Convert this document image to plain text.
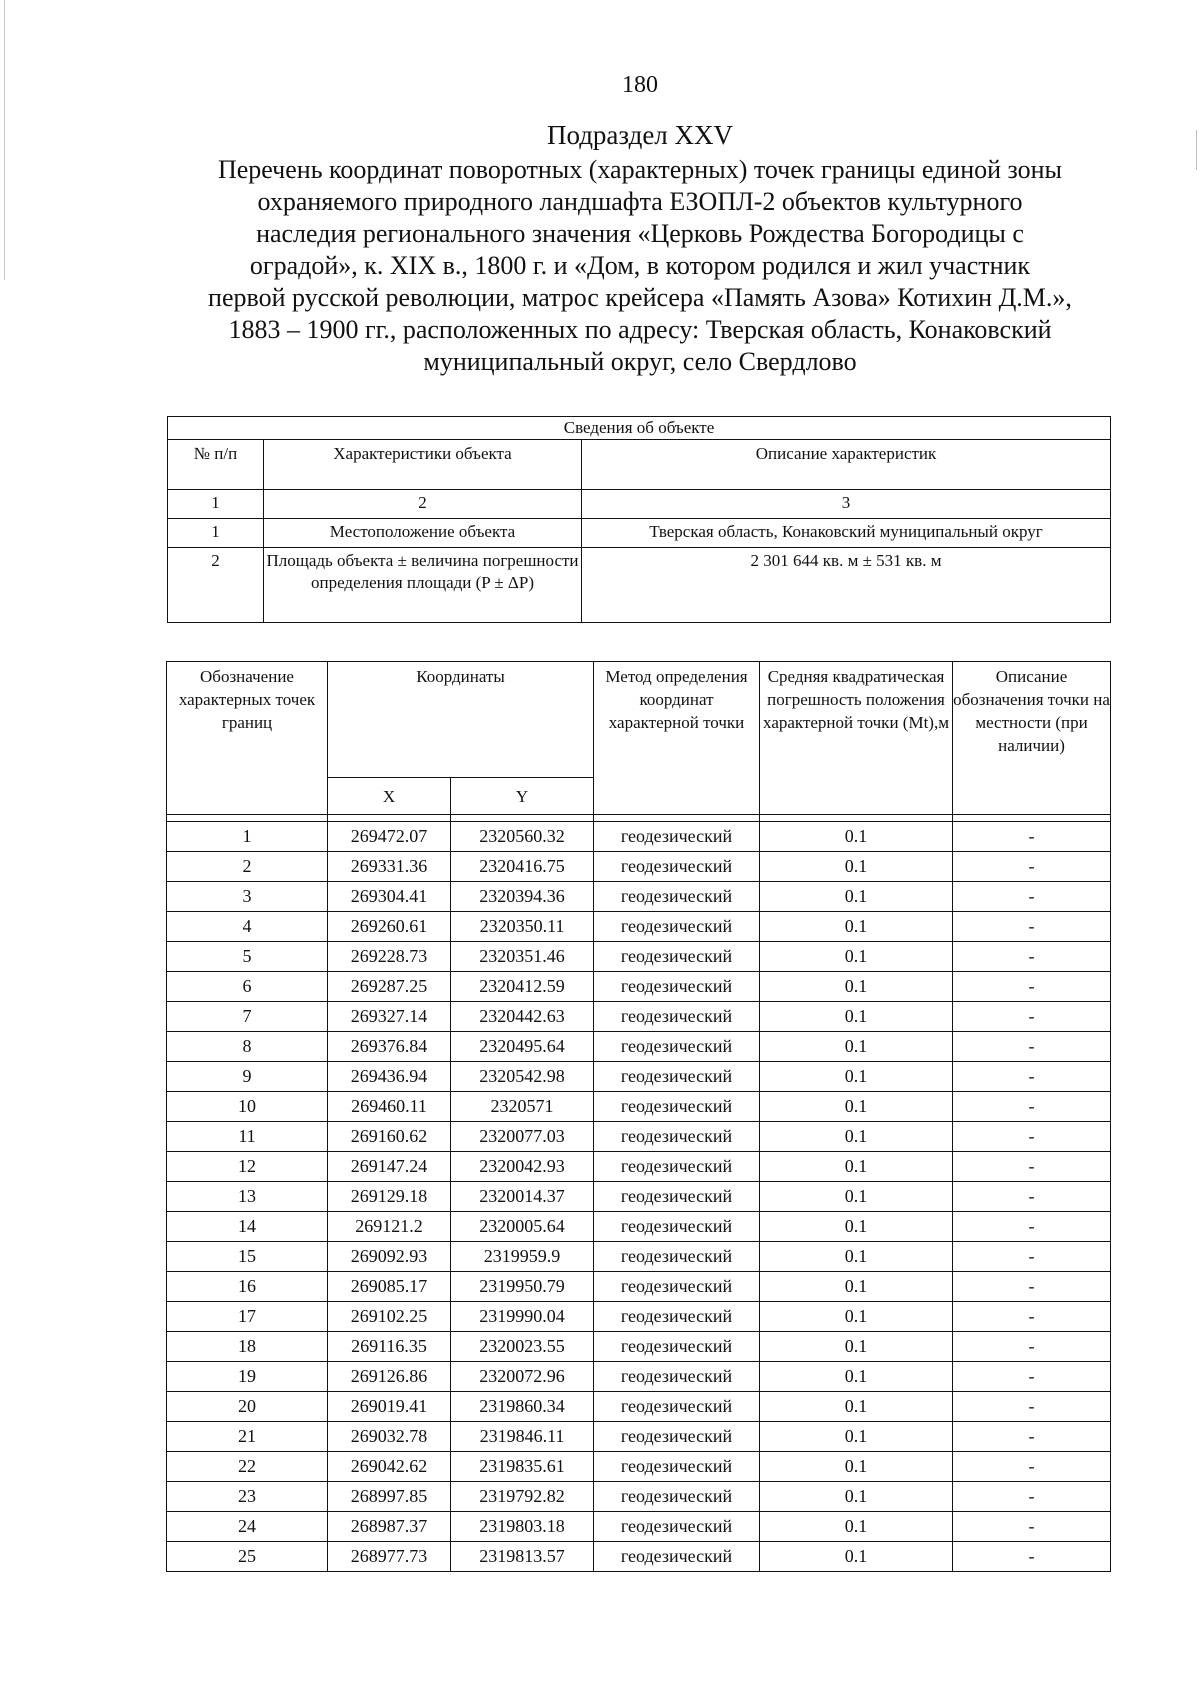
180
Подраздел XXV
Перечень координат поворотных (характерных) точек границы единой зоны
охраняемого природного ландшафта ЕЗОПЛ-2 объектов культурного
наследия регионального значения «Церковь Рождества Богородицы с
оградой», к. XIX в., 1800 г. и «Дом, в котором родился и жил участник
первой русской революции, матрос крейсера «Память Азова» Котихин Д.М.»,
1883 – 1900 гг., расположенных по адресу: Тверская область, Конаковский
муниципальный округ, село Свердлово
Сведения об объекте		
№ п/п	Характеристики объекта	Описание характеристик
1	2	3
1	Местоположение объекта	Тверская область, Конаковский муниципальный округ
2	Площадь объекта ± величина погрешности определения площади (P ± ΔP)	2 301 644 кв. м ± 531 кв. м
Обозначение характерных точек границ	Координаты		Метод определения координат характерной точки	Средняя квадратическая погрешность положения характерной точки (Mt),м	Описание обозначения точки на местности (при наличии)
	X	Y			

1	269472.07	2320560.32	геодезический	0.1	-
2	269331.36	2320416.75	геодезический	0.1	-
3	269304.41	2320394.36	геодезический	0.1	-
4	269260.61	2320350.11	геодезический	0.1	-
5	269228.73	2320351.46	геодезический	0.1	-
6	269287.25	2320412.59	геодезический	0.1	-
7	269327.14	2320442.63	геодезический	0.1	-
8	269376.84	2320495.64	геодезический	0.1	-
9	269436.94	2320542.98	геодезический	0.1	-
10	269460.11	2320571	геодезический	0.1	-
11	269160.62	2320077.03	геодезический	0.1	-
12	269147.24	2320042.93	геодезический	0.1	-
13	269129.18	2320014.37	геодезический	0.1	-
14	269121.2	2320005.64	геодезический	0.1	-
15	269092.93	2319959.9	геодезический	0.1	-
16	269085.17	2319950.79	геодезический	0.1	-
17	269102.25	2319990.04	геодезический	0.1	-
18	269116.35	2320023.55	геодезический	0.1	-
19	269126.86	2320072.96	геодезический	0.1	-
20	269019.41	2319860.34	геодезический	0.1	-
21	269032.78	2319846.11	геодезический	0.1	-
22	269042.62	2319835.61	геодезический	0.1	-
23	268997.85	2319792.82	геодезический	0.1	-
24	268987.37	2319803.18	геодезический	0.1	-
25	268977.73	2319813.57	геодезический	0.1	-
